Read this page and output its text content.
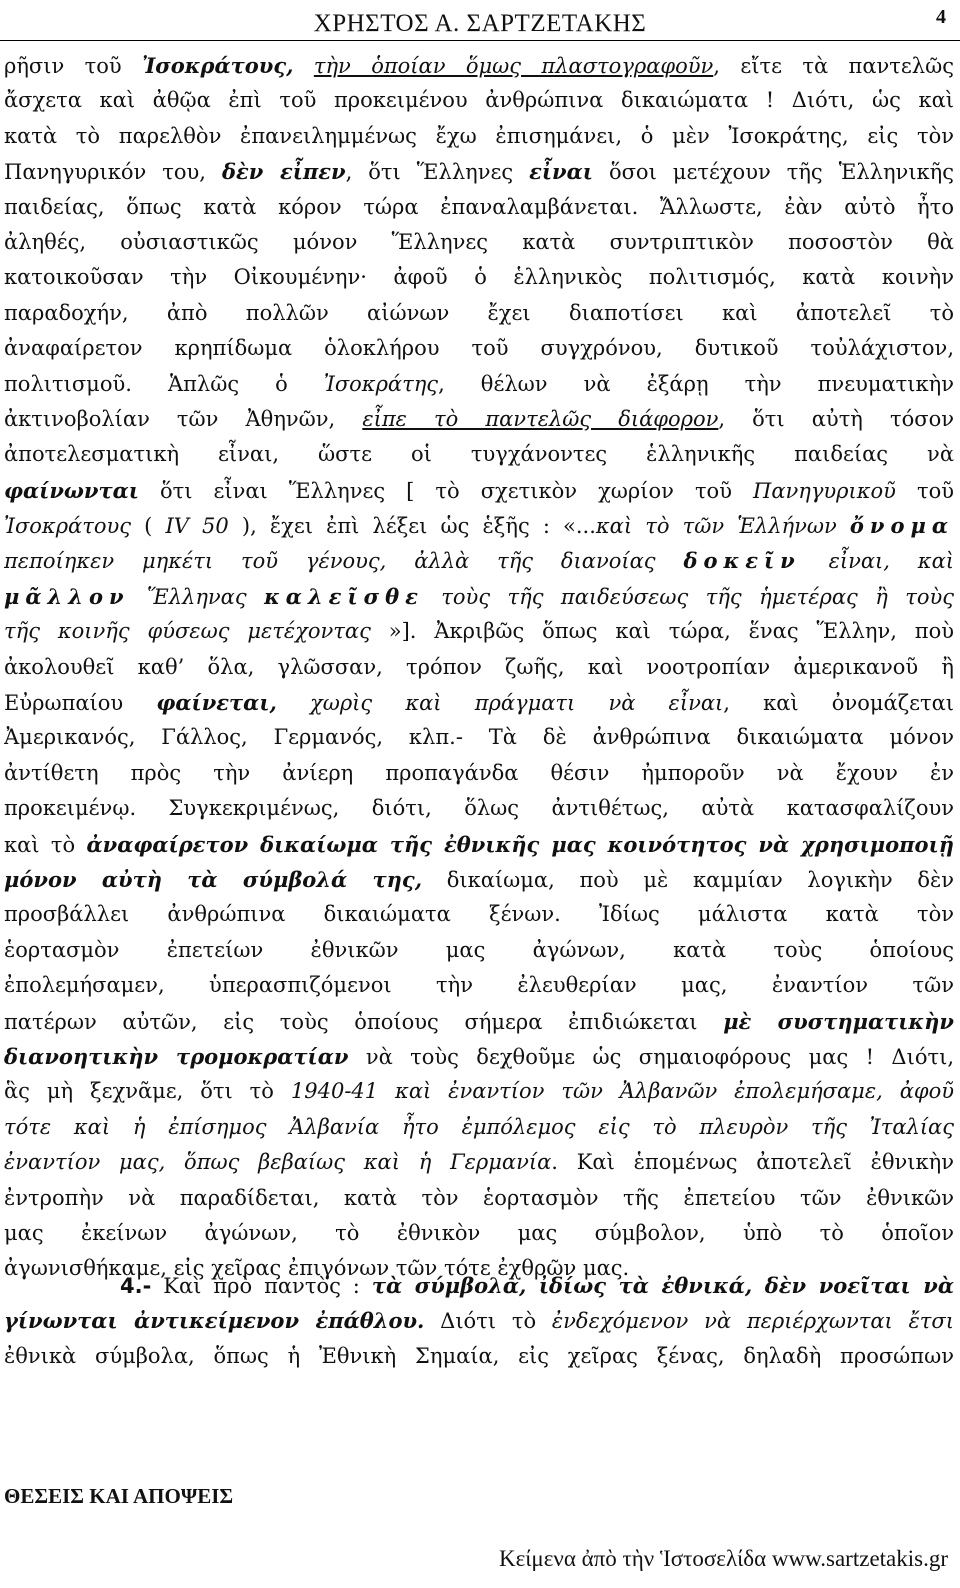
ΧΡΗΣΤΟΣ Α. ΣΑΡΤΖΕΤΑΚΗΣ	4
ρῆσιν τοῦ Ἰσοκράτους, τὴν ὁποίαν ὅμως πλαστογραφοῦν, εἴτε τὰ παντελῶς
ἄσχετα καὶ ἀθῷα ἐπὶ τοῦ προκειμένου ἀνθρώπινα δικαιώματα ! Διότι, ὡς καὶ
κατὰ τὸ παρελθὸν ἐπανειλημμένως ἔχω ἐπισημάνει, ὁ μὲν Ἰσοκράτης, εἰς τὸν
Πανηγυρικόν του, δὲν εἶπεν, ὅτι Ἕλληνες εἶναι ὅσοι μετέχουν τῆς Ἑλληνικῆς
παιδείας, ὅπως κατὰ κόρον τώρα ἐπαναλαμβάνεται. Ἄλλωστε, ἐὰν αὐτὸ ἦτο
ἀληθές, οὐσιαστικῶς μόνον Ἕλληνες κατὰ συντριπτικὸν ποσοστὸν θὰ
κατοικοῦσαν τὴν Οἰκουμένην· ἀφοῦ ὁ ἑλληνικὸς πολιτισμός, κατὰ κοινὴν
παραδοχήν, ἀπὸ πολλῶν αἰώνων ἔχει διαποτίσει καὶ ἀποτελεῖ τὸ
ἀναφαίρετον κρηπίδωμα ὁλοκλήρου τοῦ συγχρόνου, δυτικοῦ τοὐλάχιστον,
πολιτισμοῦ. Ἁπλῶς ὁ Ἰσοκράτης, θέλων νὰ ἐξάρῃ τὴν πνευματικὴν
ἀκτινοβολίαν τῶν Ἀθηνῶν, εἶπε τὸ παντελῶς διάφορον, ὅτι αὐτὴ τόσον
ἀποτελεσματικὴ εἶναι, ὥστε οἱ τυγχάνοντες ἑλληνικῆς παιδείας νὰ
φαίνωνται ὅτι εἶναι Ἕλληνες [ τὸ σχετικὸν χωρίον τοῦ Πανηγυρικοῦ τοῦ
Ἰσοκράτους ( IV 50 ), ἔχει ἐπὶ λέξει ὡς ἑξῆς : «...καὶ τὸ τῶν Ἑλλήνων ὄνομα
πεποίηκεν μηκέτι τοῦ γένους, ἀλλὰ τῆς διανοίας δοκεῖν εἶναι, καὶ
μᾶλλον Ἕλληνας καλεῖσθε τοὺς τῆς παιδεύσεως τῆς ἡμετέρας ἢ τοὺς
τῆς κοινῆς φύσεως μετέχοντας »]. Ἀκριβῶς ὅπως καὶ τώρα, ἕνας Ἕλλην, ποὺ
ἀκολουθεῖ καθ’ ὅλα, γλῶσσαν, τρόπον ζωῆς, καὶ νοοτροπίαν ἀμερικανοῦ ἢ
Εὐρωπαίου φαίνεται, χωρὶς καὶ πράγματι νὰ εἶναι, καὶ ὀνομάζεται
Ἀμερικανός, Γάλλος, Γερμανός, κλπ.- Τὰ δὲ ἀνθρώπινα δικαιώματα μόνον
ἀντίθετη πρὸς τὴν ἀνίερη προπαγάνδα θέσιν ἠμποροῦν νὰ ἔχουν ἐν
προκειμένῳ. Συγκεκριμένως, διότι, ὅλως ἀντιθέτως, αὐτὰ κατασφαλίζουν
καὶ τὸ ἀναφαίρετον δικαίωμα τῆς ἐθνικῆς μας κοινότητος νὰ χρησιμοποιῇ
μόνον αὐτὴ τὰ σύμβολά της, δικαίωμα, ποὺ μὲ καμμίαν λογικὴν δὲν
προσβάλλει ἀνθρώπινα δικαιώματα ξένων. Ἰδίως μάλιστα κατὰ τὸν
ἑορτασμὸν ἐπετείων ἐθνικῶν μας ἀγώνων, κατὰ τοὺς ὁποίους
ἐπολεμήσαμεν, ὑπερασπιζόμενοι τὴν ἐλευθερίαν μας, ἐναντίον τῶν
πατέρων αὐτῶν, εἰς τοὺς ὁποίους σήμερα ἐπιδιώκεται μὲ συστηματικὴν
διανοητικὴν τρομοκρατίαν νὰ τοὺς δεχθοῦμε ὡς σημαιοφόρους μας ! Διότι,
ἃς μὴ ξεχνᾶμε, ὅτι τὸ 1940-41 καὶ ἐναντίον τῶν Ἀλβανῶν ἐπολεμήσαμε, ἀφοῦ
τότε καὶ ἡ ἐπίσημος Ἀλβανία ἦτο ἐμπόλεμος εἰς τὸ πλευρὸν τῆς Ἰταλίας
ἐναντίον μας, ὅπως βεβαίως καὶ ἡ Γερμανία. Καὶ ἑπομένως ἀποτελεῖ ἐθνικὴν
ἐντροπὴν νὰ παραδίδεται, κατὰ τὸν ἑορτασμὸν τῆς ἐπετείου τῶν ἐθνικῶν
μας ἐκείνων ἀγώνων, τὸ ἐθνικὸν μας σύμβολον, ὑπὸ τὸ ὁποῖον
ἀγωνισθήκαμε, εἰς χεῖρας ἐπιγόνων τῶν τότε ἐχθρῶν μας.
4.- Καὶ πρὸ παντὸς : τὰ σύμβολα, ἰδίως τὰ ἐθνικά, δὲν νοεῖται νὰ
γίνωνται ἀντικείμενον ἐπάθλου. Διότι τὸ ἐνδεχόμενον νὰ περιέρχωνται ἔτσι
ἐθνικὰ σύμβολα, ὅπως ἡ Ἐθνικὴ Σημαία, εἰς χεῖρας ξένας, δηλαδὴ προσώπων
ΘΕΣΕΙΣ ΚΑΙ ΑΠΟΨΕΙΣ
Κείμενα ἀπὸ τὴν Ἱστοσελίδα www.sartzetakis.gr
